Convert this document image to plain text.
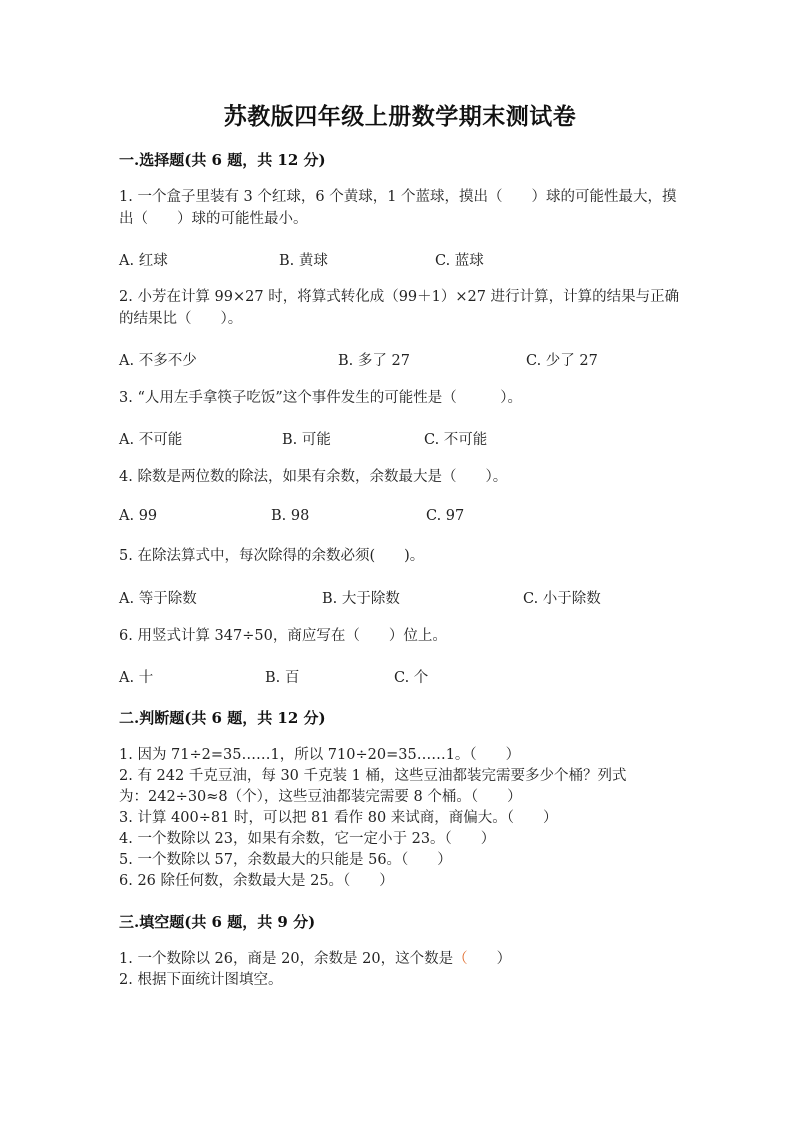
苏教版四年级上册数学期末测试卷
一.选择题(共 6 题，共 12 分)
1. 一个盒子里装有 3 个红球，6 个黄球，1 个蓝球，摸出（　　）球的可能性最大，摸出（　　）球的可能性最小。
A. 红球	B. 黄球	C. 蓝球
2. 小芳在计算 99×27 时，将算式转化成（99＋1）×27 进行计算，计算的结果与正确的结果比（　　）。
A. 不多不少	B. 多了 27	C. 少了 27
3. “人用左手拿筷子吃饭”这个事件发生的可能性是（　　　）。
A. 不可能	B. 可能	C. 不可能
4. 除数是两位数的除法，如果有余数，余数最大是（　　）。
A. 99	B. 98	C. 97
5. 在除法算式中，每次除得的余数必须(　　)。
A. 等于除数	B. 大于除数	C. 小于除数
6. 用竖式计算 347÷50，商应写在（　　）位上。
A. 十	B. 百	C. 个
二.判断题(共 6 题，共 12 分)
1. 因为 71÷2=35……1，所以 710÷20=35……1。（　　）
2. 有 242 千克豆油，每 30 千克装 1 桶，这些豆油都装完需要多少个桶？列式
为：242÷30≈8（个），这些豆油都装完需要 8 个桶。（　　）
3. 计算 400÷81 时，可以把 81 看作 80 来试商，商偏大。（　　）
4. 一个数除以 23，如果有余数，它一定小于 23。（　　）
5. 一个数除以 57，余数最大的只能是 56。（　　）
6. 26 除任何数，余数最大是 25。（　　）
三.填空题(共 6 题，共 9 分)
1. 一个数除以 26，商是 20，余数是 20，这个数是（　　）
2. 根据下面统计图填空。
